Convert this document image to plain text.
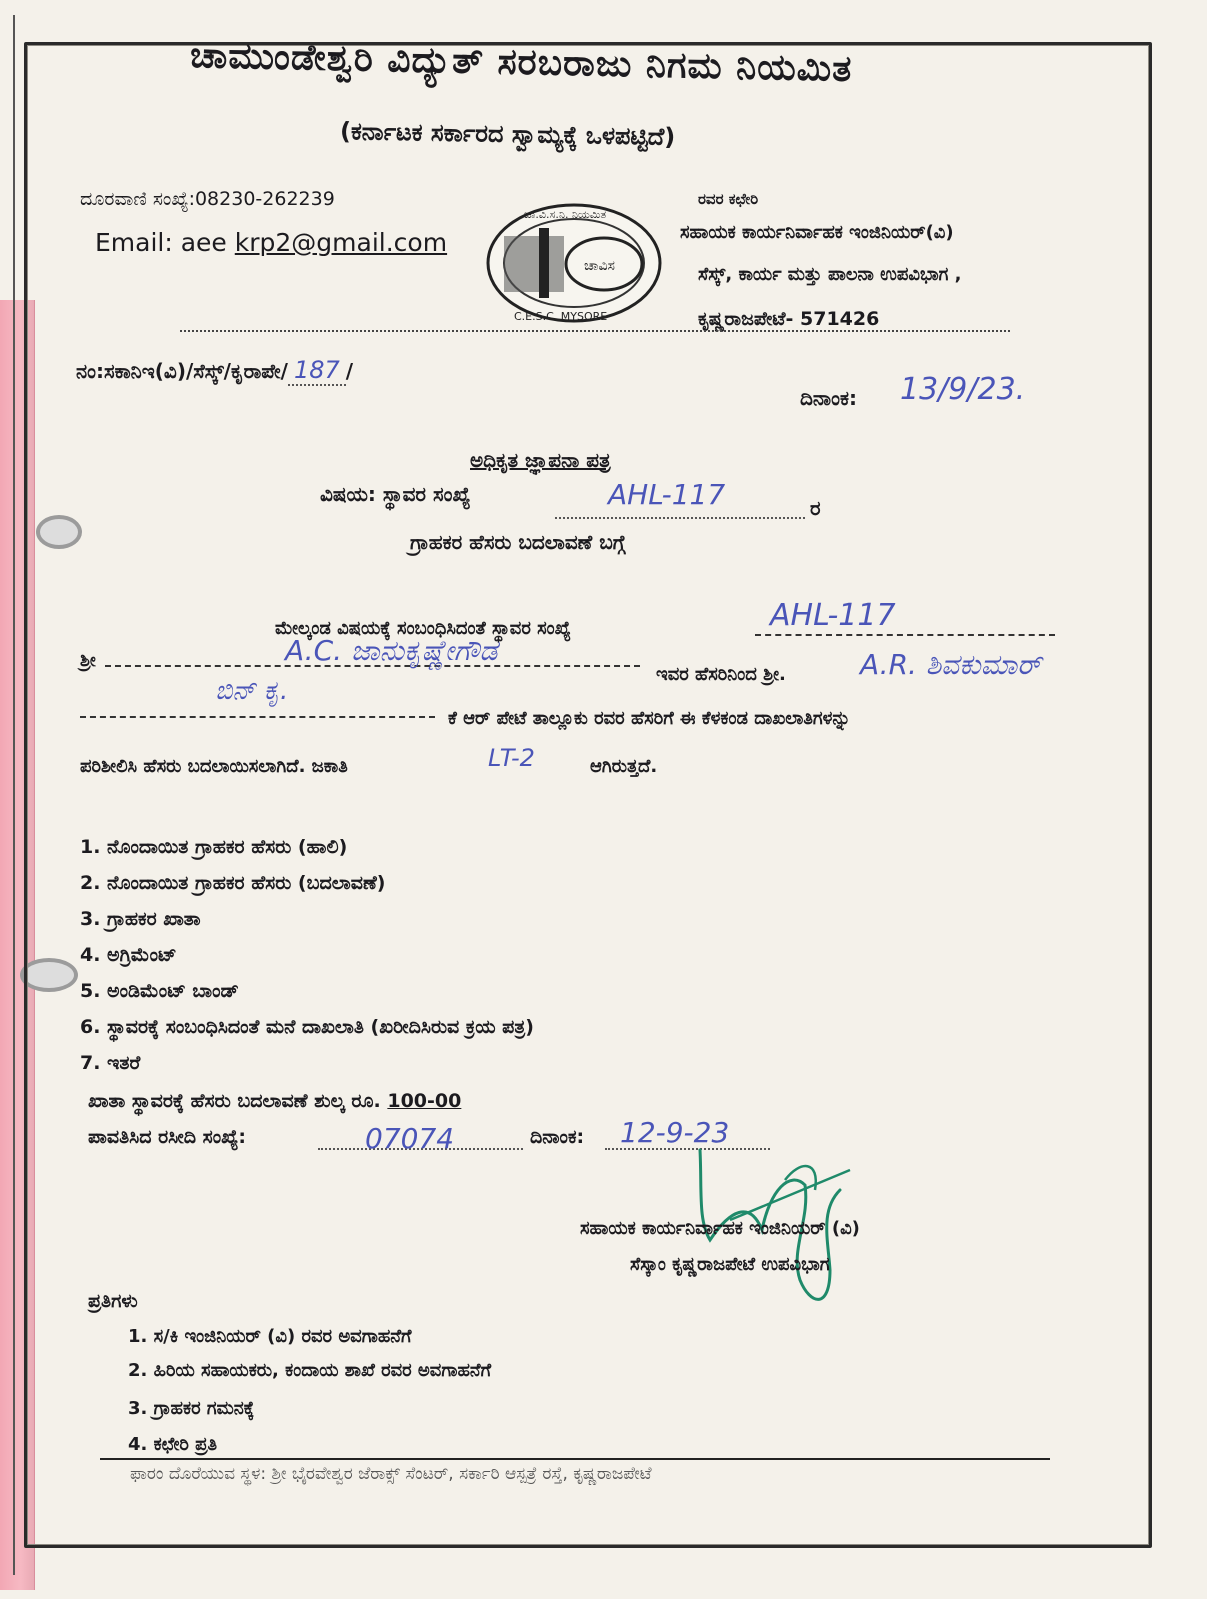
ಚಾಮುಂಡೇಶ್ವರಿ ವಿದ್ಯುತ್ ಸರಬರಾಜು ನಿಗಮ ನಿಯಮಿತ
(ಕರ್ನಾಟಕ ಸರ್ಕಾರದ ಸ್ವಾಮ್ಯಕ್ಕೆ ಒಳಪಟ್ಟಿದೆ)
ದೂರವಾಣಿ ಸಂಖ್ಯೆ:08230-262239
Email: aee krp2@gmail.com
ಚಾವಿಸ
ಚಾ.ವಿ.ಸ.ನಿ. ನಿಯಮಿತ
C.E.S.C. MYSORE
ರವರ ಕಛೇರಿ
ಸಹಾಯಕ ಕಾರ್ಯನಿರ್ವಾಹಕ ಇಂಜಿನಿಯರ್(ವಿ)
ಸೆಸ್ಕ್, ಕಾರ್ಯ ಮತ್ತು ಪಾಲನಾ ಉಪವಿಭಾಗ ,
ಕೃಷ್ಣರಾಜಪೇಟೆ- 571426
ನಂ:ಸಕಾನಿಇ(ವಿ)/ಸೆಸ್ಕ್/ಕೃರಾಪೇ/ 187 /
ದಿನಾಂಕ: 13/9/23.
ಅಧಿಕೃತ ಜ್ಞಾಪನಾ ಪತ್ರ
ವಿಷಯ: ಸ್ಥಾವರ ಸಂಖ್ಯೆ	AHL-117	ರ
ಗ್ರಾಹಕರ ಹೆಸರು ಬದಲಾವಣೆ ಬಗ್ಗೆ
ಮೇಲ್ಕಂಡ ವಿಷಯಕ್ಕೆ ಸಂಬಂಧಿಸಿದಂತೆ ಸ್ಥಾವರ ಸಂಖ್ಯೆ	AHL-117
ಶ್ರೀ	A.C. ಜಾನುಕೃಷ್ಣೇಗೌಡ
ಇವರ ಹೆಸರಿನಿಂದ ಶ್ರೀ.	A.R. ಶಿವಕುಮಾರ್
ಬಿನ್ ಕೃ.
ಕೆ ಆರ್ ಪೇಟೆ ತಾಲ್ಲೂಕು ರವರ ಹೆಸರಿಗೆ ಈ ಕೆಳಕಂಡ ದಾಖಲಾತಿಗಳನ್ನು
ಪರಿಶೀಲಿಸಿ ಹೆಸರು ಬದಲಾಯಿಸಲಾಗಿದೆ. ಜಕಾತಿ	LT-2	ಆಗಿರುತ್ತದೆ.
1. ನೊಂದಾಯಿತ ಗ್ರಾಹಕರ ಹೆಸರು (ಹಾಲಿ)
2. ನೊಂದಾಯಿತ ಗ್ರಾಹಕರ ಹೆಸರು (ಬದಲಾವಣೆ)
3. ಗ್ರಾಹಕರ ಖಾತಾ
4. ಅಗ್ರಿಮೆಂಟ್
5. ಅಂಡಿಮೆಂಟ್ ಬಾಂಡ್
6. ಸ್ಥಾವರಕ್ಕೆ ಸಂಬಂಧಿಸಿದಂತೆ ಮನೆ ದಾಖಲಾತಿ (ಖರೀದಿಸಿರುವ ಕ್ರಯ ಪತ್ರ)
7. ಇತರೆ
ಖಾತಾ ಸ್ಥಾವರಕ್ಕೆ ಹೆಸರು ಬದಲಾವಣೆ ಶುಲ್ಕ ರೂ. 100-00
ಪಾವತಿಸಿದ ರಸೀದಿ ಸಂಖ್ಯೆ:	07074	ದಿನಾಂಕ: 12-9-23
ಸಹಾಯಕ ಕಾರ್ಯನಿರ್ವಾಹಕ ಇಂಜಿನಿಯರ್ (ವಿ)
ಸೆಸ್ಕಾಂ ಕೃಷ್ಣರಾಜಪೇಟೆ ಉಪವಿಭಾಗ
ಪ್ರತಿಗಳು
1. ಸ/ಕಿ ಇಂಜಿನಿಯರ್ (ವಿ) ರವರ ಅವಗಾಹನೆಗೆ
2. ಹಿರಿಯ ಸಹಾಯಕರು, ಕಂದಾಯ ಶಾಖೆ ರವರ ಅವಗಾಹನೆಗೆ
3. ಗ್ರಾಹಕರ ಗಮನಕ್ಕೆ
4. ಕಛೇರಿ ಪ್ರತಿ
ಫಾರಂ ದೊರೆಯುವ ಸ್ಥಳ: ಶ್ರೀ ಭೈರವೇಶ್ವರ ಜೆರಾಕ್ಸ್ ಸೆಂಟರ್, ಸರ್ಕಾರಿ ಆಸ್ಪತ್ರೆ ರಸ್ತೆ, ಕೃಷ್ಣರಾಜಪೇಟೆ
